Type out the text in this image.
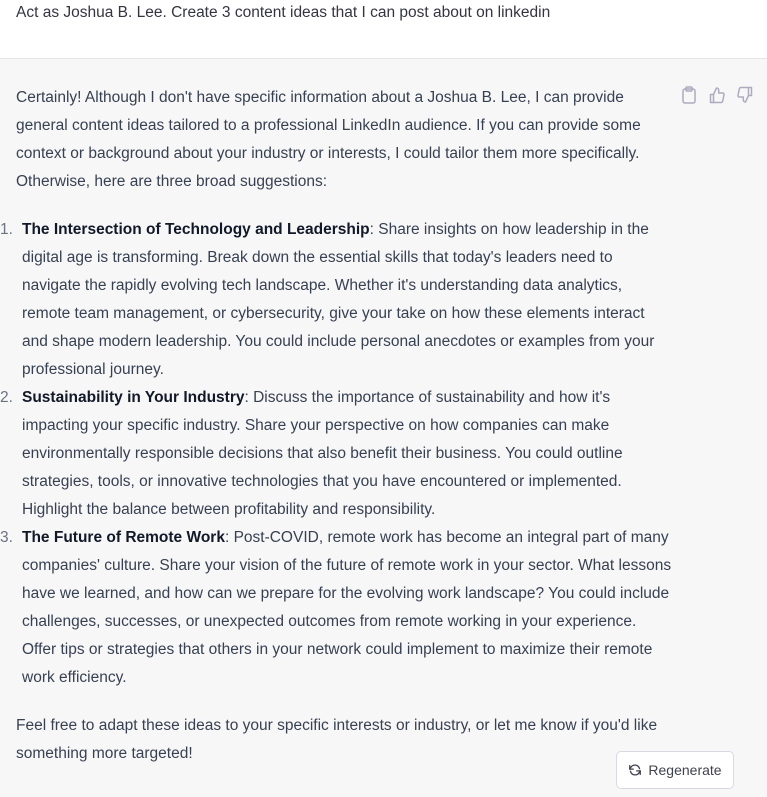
Act as Joshua B. Lee. Create 3 content ideas that I can post about on linkedin

Certainly! Although I don't have specific information about a Joshua B. Lee, I can provide general content ideas tailored to a professional LinkedIn audience. If you can provide some context or background about your industry or interests, I could tailor them more specifically. Otherwise, here are three broad suggestions:

1. The Intersection of Technology and Leadership: Share insights on how leadership in the digital age is transforming. Break down the essential skills that today's leaders need to navigate the rapidly evolving tech landscape. Whether it's understanding data analytics, remote team management, or cybersecurity, give your take on how these elements interact and shape modern leadership. You could include personal anecdotes or examples from your professional journey.
2. Sustainability in Your Industry: Discuss the importance of sustainability and how it's impacting your specific industry. Share your perspective on how companies can make environmentally responsible decisions that also benefit their business. You could outline strategies, tools, or innovative technologies that you have encountered or implemented. Highlight the balance between profitability and responsibility.
3. The Future of Remote Work: Post-COVID, remote work has become an integral part of many companies' culture. Share your vision of the future of remote work in your sector. What lessons have we learned, and how can we prepare for the evolving work landscape? You could include challenges, successes, or unexpected outcomes from remote working in your experience. Offer tips or strategies that others in your network could implement to maximize their remote work efficiency.

Feel free to adapt these ideas to your specific interests or industry, or let me know if you'd like something more targeted!

Regenerate
